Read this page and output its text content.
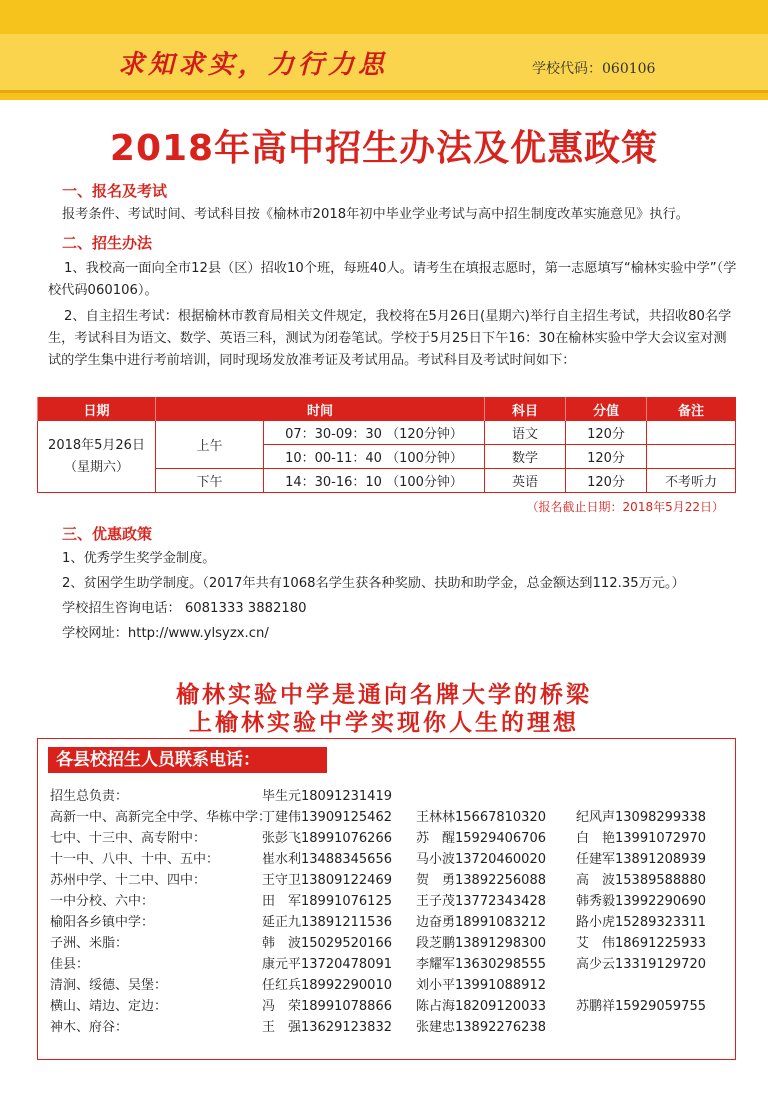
求知求实，力行力思	学校代码：060106
2018年高中招生办法及优惠政策
一、报名及考试
报考条件、考试时间、考试科目按《榆林市2018年初中毕业学业考试与高中招生制度改革实施意见》执行。
二、招生办法
1、我校高一面向全市12县（区）招收10个班，每班40人。请考生在填报志愿时，第一志愿填写“榆林实验中学”（学校代码060106）。
2、自主招生考试：根据榆林市教育局相关文件规定，我校将在5月26日(星期六)举行自主招生考试，共招收80名学生，考试科目为语文、数学、英语三科，测试为闭卷笔试。学校于5月25日下午16：30在榆林实验中学大会议室对测试的学生集中进行考前培训，同时现场发放准考证及考试用品。考试科目及考试时间如下：
日期	时间		科目	分值	备注

2018年5月26日
（星期六）	上午	07：30-09：30 （120分钟）	语文	120分	
		10：00-11：40 （100分钟）	数学	120分	
	下午	14：30-16：10 （100分钟）	英语	120分	不考听力
（报名截止日期：2018年5月22日）
三、优惠政策
1、优秀学生奖学金制度。
2、贫困学生助学制度。（2017年共有1068名学生获各种奖励、扶助和助学金，总金额达到112.35万元。）
学校招生咨询电话： 6081333 3882180
学校网址：http://www.ylsyzx.cn/
榆林实验中学是通向名牌大学的桥梁
上榆林实验中学实现你人生的理想
各县校招生人员联系电话：
招生总负责：	毕生元18091231419
高新一中、高新完全中学、华栋中学：
丁建伟13909125462 王林林15667810320 纪风声13098299338
七中、十三中、高专附中：	张彭飞18991076266 苏　醒15929406706 白　艳13991072970
十一中、八中、十中、五中：	崔水利13488345656 马小波13720460020 任建军13891208939
苏州中学、十二中、四中：	王守卫13809122469 贺　勇13892256088 高　波15389588880
一中分校、六中：	田　军18991076125 王子茂13772343428 韩秀毅13992290690
榆阳各乡镇中学：	延正九13891211536 边奋勇18991083212 路小虎15289323311
子洲、米脂：	韩　波15029520166 段芝鹏13891298300 艾　伟18691225933
佳县：	康元平13720478091 李耀军13630298555 高少云13319129720
清涧、绥德、吴堡：	任红兵18992290010 刘小平13991088912
横山、靖边、定边：	冯　荣18991078866 陈占海18209120033 苏鹏祥15929059755
神木、府谷：	王　强13629123832 张建忠13892276238
